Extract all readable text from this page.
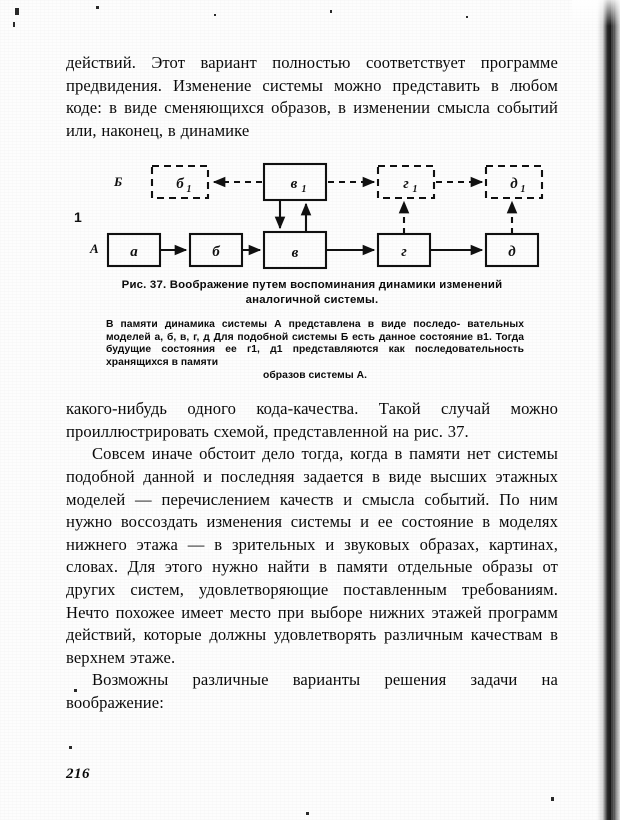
действий. Этот вариант полностью соответствует программе предвидения. Изменение системы можно представить в любом коде: в виде сменяющихся образов, в изменении смысла событий или, наконец, в динамике

Б
А
1
б 1	в 1	г 1	д 1
а	б	в	г	д

Рис. 37. Воображение путем воспоминания динамики изменений аналогичной системы.

В памяти динамика системы А представлена в виде последо- вательных моделей а, б, в, г, д Для подобной системы Б есть данное состояние в1. Тогда будущие состояния ее г1, д1 представляются как последовательность хранящихся в памяти
образов системы А.

какого-нибудь одного кода-качества. Такой случай можно проиллюстрировать схемой, представленной на рис. 37.

Совсем иначе обстоит дело тогда, когда в памяти нет системы подобной данной и последняя задается в виде высших этажных моделей — перечислением качеств и смысла событий. По ним нужно воссоздать изменения системы и ее состояние в моделях нижнего этажа — в зрительных и звуковых образах, картинах, словах. Для этого нужно найти в памяти отдельные образы от других систем, удовлетворяющие поставленным требованиям. Нечто похожее имеет место при выборе нижних этажей программ действий, которые должны удовлетворять различным качествам в верхнем этаже.

Возможны различные варианты решения задачи на воображение:

216
